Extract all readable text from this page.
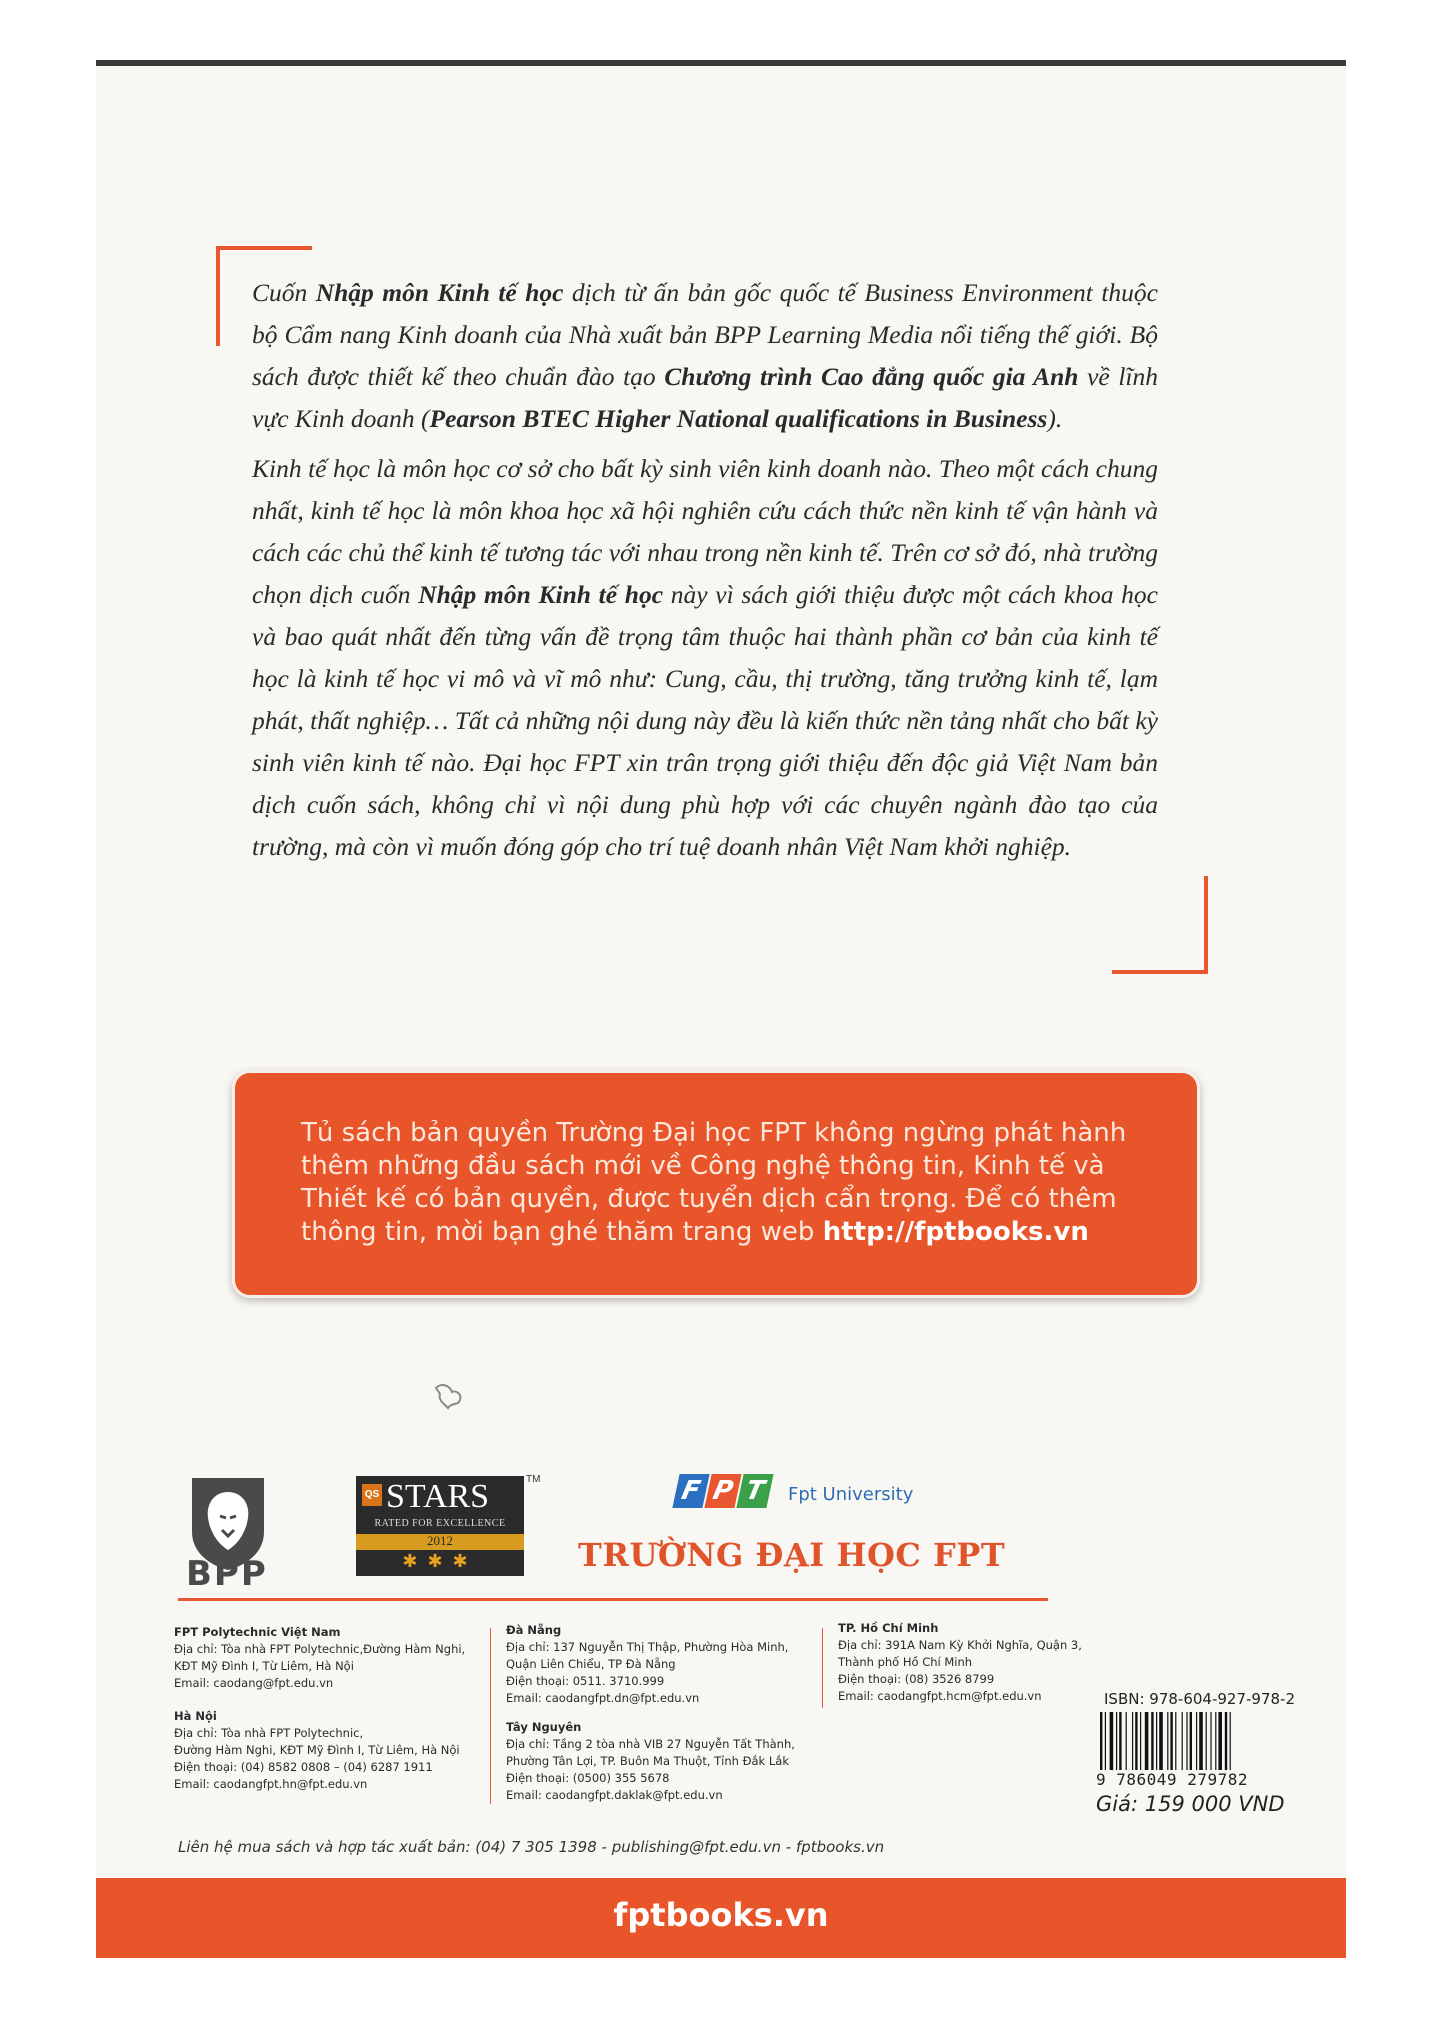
Cuốn Nhập môn Kinh tế học dịch từ ấn bản gốc quốc tế Business Environment thuộc bộ Cẩm nang Kinh doanh của Nhà xuất bản BPP Learning Media nổi tiếng thế giới. Bộ sách được thiết kế theo chuẩn đào tạo Chương trình Cao đẳng quốc gia Anh về lĩnh vực Kinh doanh (Pearson BTEC Higher National qualifications in Business).

Kinh tế học là môn học cơ sở cho bất kỳ sinh viên kinh doanh nào. Theo một cách chung nhất, kinh tế học là môn khoa học xã hội nghiên cứu cách thức nền kinh tế vận hành và cách các chủ thể kinh tế tương tác với nhau trong nền kinh tế. Trên cơ sở đó, nhà trường chọn dịch cuốn Nhập môn Kinh tế học này vì sách giới thiệu được một cách khoa học và bao quát nhất đến từng vấn đề trọng tâm thuộc hai thành phần cơ bản của kinh tế học là kinh tế học vi mô và vĩ mô như: Cung, cầu, thị trường, tăng trưởng kinh tế, lạm phát, thất nghiệp… Tất cả những nội dung này đều là kiến thức nền tảng nhất cho bất kỳ sinh viên kinh tế nào. Đại học FPT xin trân trọng giới thiệu đến độc giả Việt Nam bản dịch cuốn sách, không chỉ vì nội dung phù hợp với các chuyên ngành đào tạo của trường, mà còn vì muốn đóng góp cho trí tuệ doanh nhân Việt Nam khởi nghiệp.

Tủ sách bản quyền Trường Đại học FPT không ngừng phát hành thêm những đầu sách mới về Công nghệ thông tin, Kinh tế và Thiết kế có bản quyền, được tuyển dịch cẩn trọng. Để có thêm thông tin, mời bạn ghé thăm trang web http://fptbooks.vn
BPP
QS STARS
RATED FOR EXCELLENCE
2012
✱✱✱
TM	F P T Fpt University
TRƯỜNG ĐẠI HỌC FPT
FPT Polytechnic Việt Nam
Địa chỉ: Tòa nhà FPT Polytechnic,Đường Hàm Nghi,
KĐT Mỹ Đình I, Từ Liêm, Hà Nội
Email: caodang@fpt.edu.vn
Hà Nội
Địa chỉ: Tòa nhà FPT Polytechnic,
Đường Hàm Nghi, KĐT Mỹ Đình I, Từ Liêm, Hà Nội
Điện thoại: (04) 8582 0808 – (04) 6287 1911
Email: caodangfpt.hn@fpt.edu.vn
Đà Nẵng
Địa chỉ: 137 Nguyễn Thị Thập, Phường Hòa Minh,
Quận Liên Chiểu, TP Đà Nẵng
Điện thoại: 0511. 3710.999
Email: caodangfpt.dn@fpt.edu.vn
Tây Nguyên
Địa chỉ: Tầng 2 tòa nhà VIB 27 Nguyễn Tất Thành,
Phường Tân Lợi, TP. Buôn Ma Thuột, Tỉnh Đắk Lắk
Điện thoại: (0500) 355 5678
Email: caodangfpt.daklak@fpt.edu.vn
TP. Hồ Chí Minh
Địa chỉ: 391A Nam Kỳ Khởi Nghĩa, Quận 3,
Thành phố Hồ Chí Minh
Điện thoại: (08) 3526 8799
Email: caodangfpt.hcm@fpt.edu.vn	ISBN: 978-604-927-978-2
9 786049 279782
Giá: 159 000 VND
Liên hệ mua sách và hợp tác xuất bản: (04) 7 305 1398 - publishing@fpt.edu.vn - fptbooks.vn
fptbooks.vn
